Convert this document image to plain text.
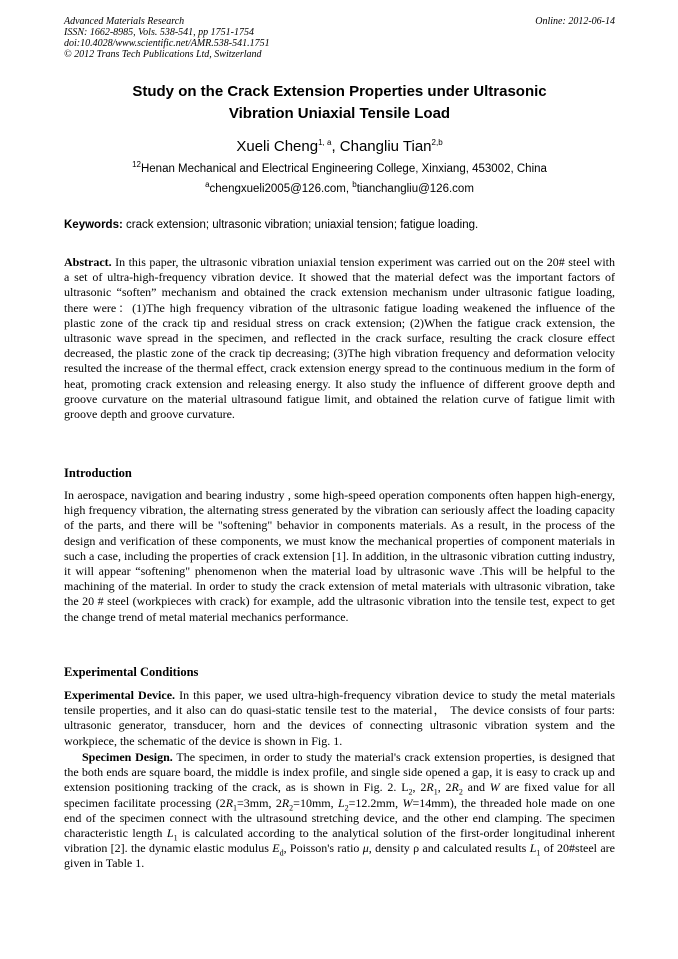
Advanced Materials Research
ISSN: 1662-8985, Vols. 538-541, pp 1751-1754
doi:10.4028/www.scientific.net/AMR.538-541.1751
© 2012 Trans Tech Publications Ltd, Switzerland
Online: 2012-06-14
Study on the Crack Extension Properties under Ultrasonic
Vibration Uniaxial Tensile Load
Xueli Cheng$^{1, a}$, Changliu Tian$^{2,b}$
$^{12}$Henan Mechanical and Electrical Engineering College, Xinxiang, 453002, China
$^a$chengxueli2005@126.com, $^b$tianchangliu@126.com
Keywords: crack extension; ultrasonic vibration; uniaxial tension; fatigue loading.
Abstract. In this paper, the ultrasonic vibration uniaxial tension experiment was carried out on the 20# steel with a set of ultra-high-frequency vibration device. It showed that the material defect was the important factors of ultrasonic “soften” mechanism and obtained the crack extension mechanism under ultrasonic fatigue loading, there were：(1)The high frequency vibration of the ultrasonic fatigue loading weakened the influence of the plastic zone of the crack tip and residual stress on crack extension; (2)When the fatigue crack extension, the ultrasonic wave spread in the specimen, and reflected in the crack surface, resulting the crack closure effect decreased, the plastic zone of the crack tip decreasing; (3)The high vibration frequency and deformation velocity resulted the increase of the thermal effect, crack extension energy spread to the continuous medium in the form of heat, promoting crack extension and releasing energy. It also study the influence of different groove depth and groove curvature on the material ultrasound fatigue limit, and obtained the relation curve of fatigue limit with groove depth and groove curvature.
Introduction
In aerospace, navigation and bearing industry , some high-speed operation components often happen high-energy, high frequency vibration, the alternating stress generated by the vibration can seriously affect the loading capacity of the parts, and there will be "softening" behavior in components materials. As a result, in the process of the design and verification of these components, we must know the mechanical properties of component materials in such a case, including the properties of crack extension [1]. In addition, in the ultrasonic vibration cutting industry, it will appear “softening" phenomenon when the material load by ultrasonic wave .This will be helpful to the machining of the material. In order to study the crack extension of metal materials with ultrasonic vibration, take the 20 # steel (workpieces with crack) for example, add the ultrasonic vibration into the tensile test, expect to get the change trend of metal material mechanics performance.
Experimental Conditions
Experimental Device. In this paper, we used ultra-high-frequency vibration device to study the metal materials tensile properties, and it also can do quasi-static tensile test to the material， The device consists of four parts: ultrasonic generator, transducer, horn and the devices of connecting ultrasonic vibration system and the workpiece, the schematic of the device is shown in Fig. 1.
Specimen Design. The specimen, in order to study the material's crack extension properties, is designed that the both ends are square board, the middle is index profile, and single side opened a gap, it is easy to crack up and extension positioning tracking of the crack, as is shown in Fig. 2. $L_2$, $2R_1$, $2R_2$ and W are fixed value for all specimen facilitate processing ($2R_1=3mm$, $2R_2=10mm$, $L_2=12.2mm$, W=14mm), the threaded hole made on one end of the specimen connect with the ultrasound stretching device, and the other end clamping. The specimen characteristic length $L_1$ is calculated according to the analytical solution of the first-order longitudinal inherent vibration [2]. the dynamic elastic modulus $E_d$, Poisson's ratio μ, density ρ and calculated results $L_1$ of 20#steel are given in Table 1.
